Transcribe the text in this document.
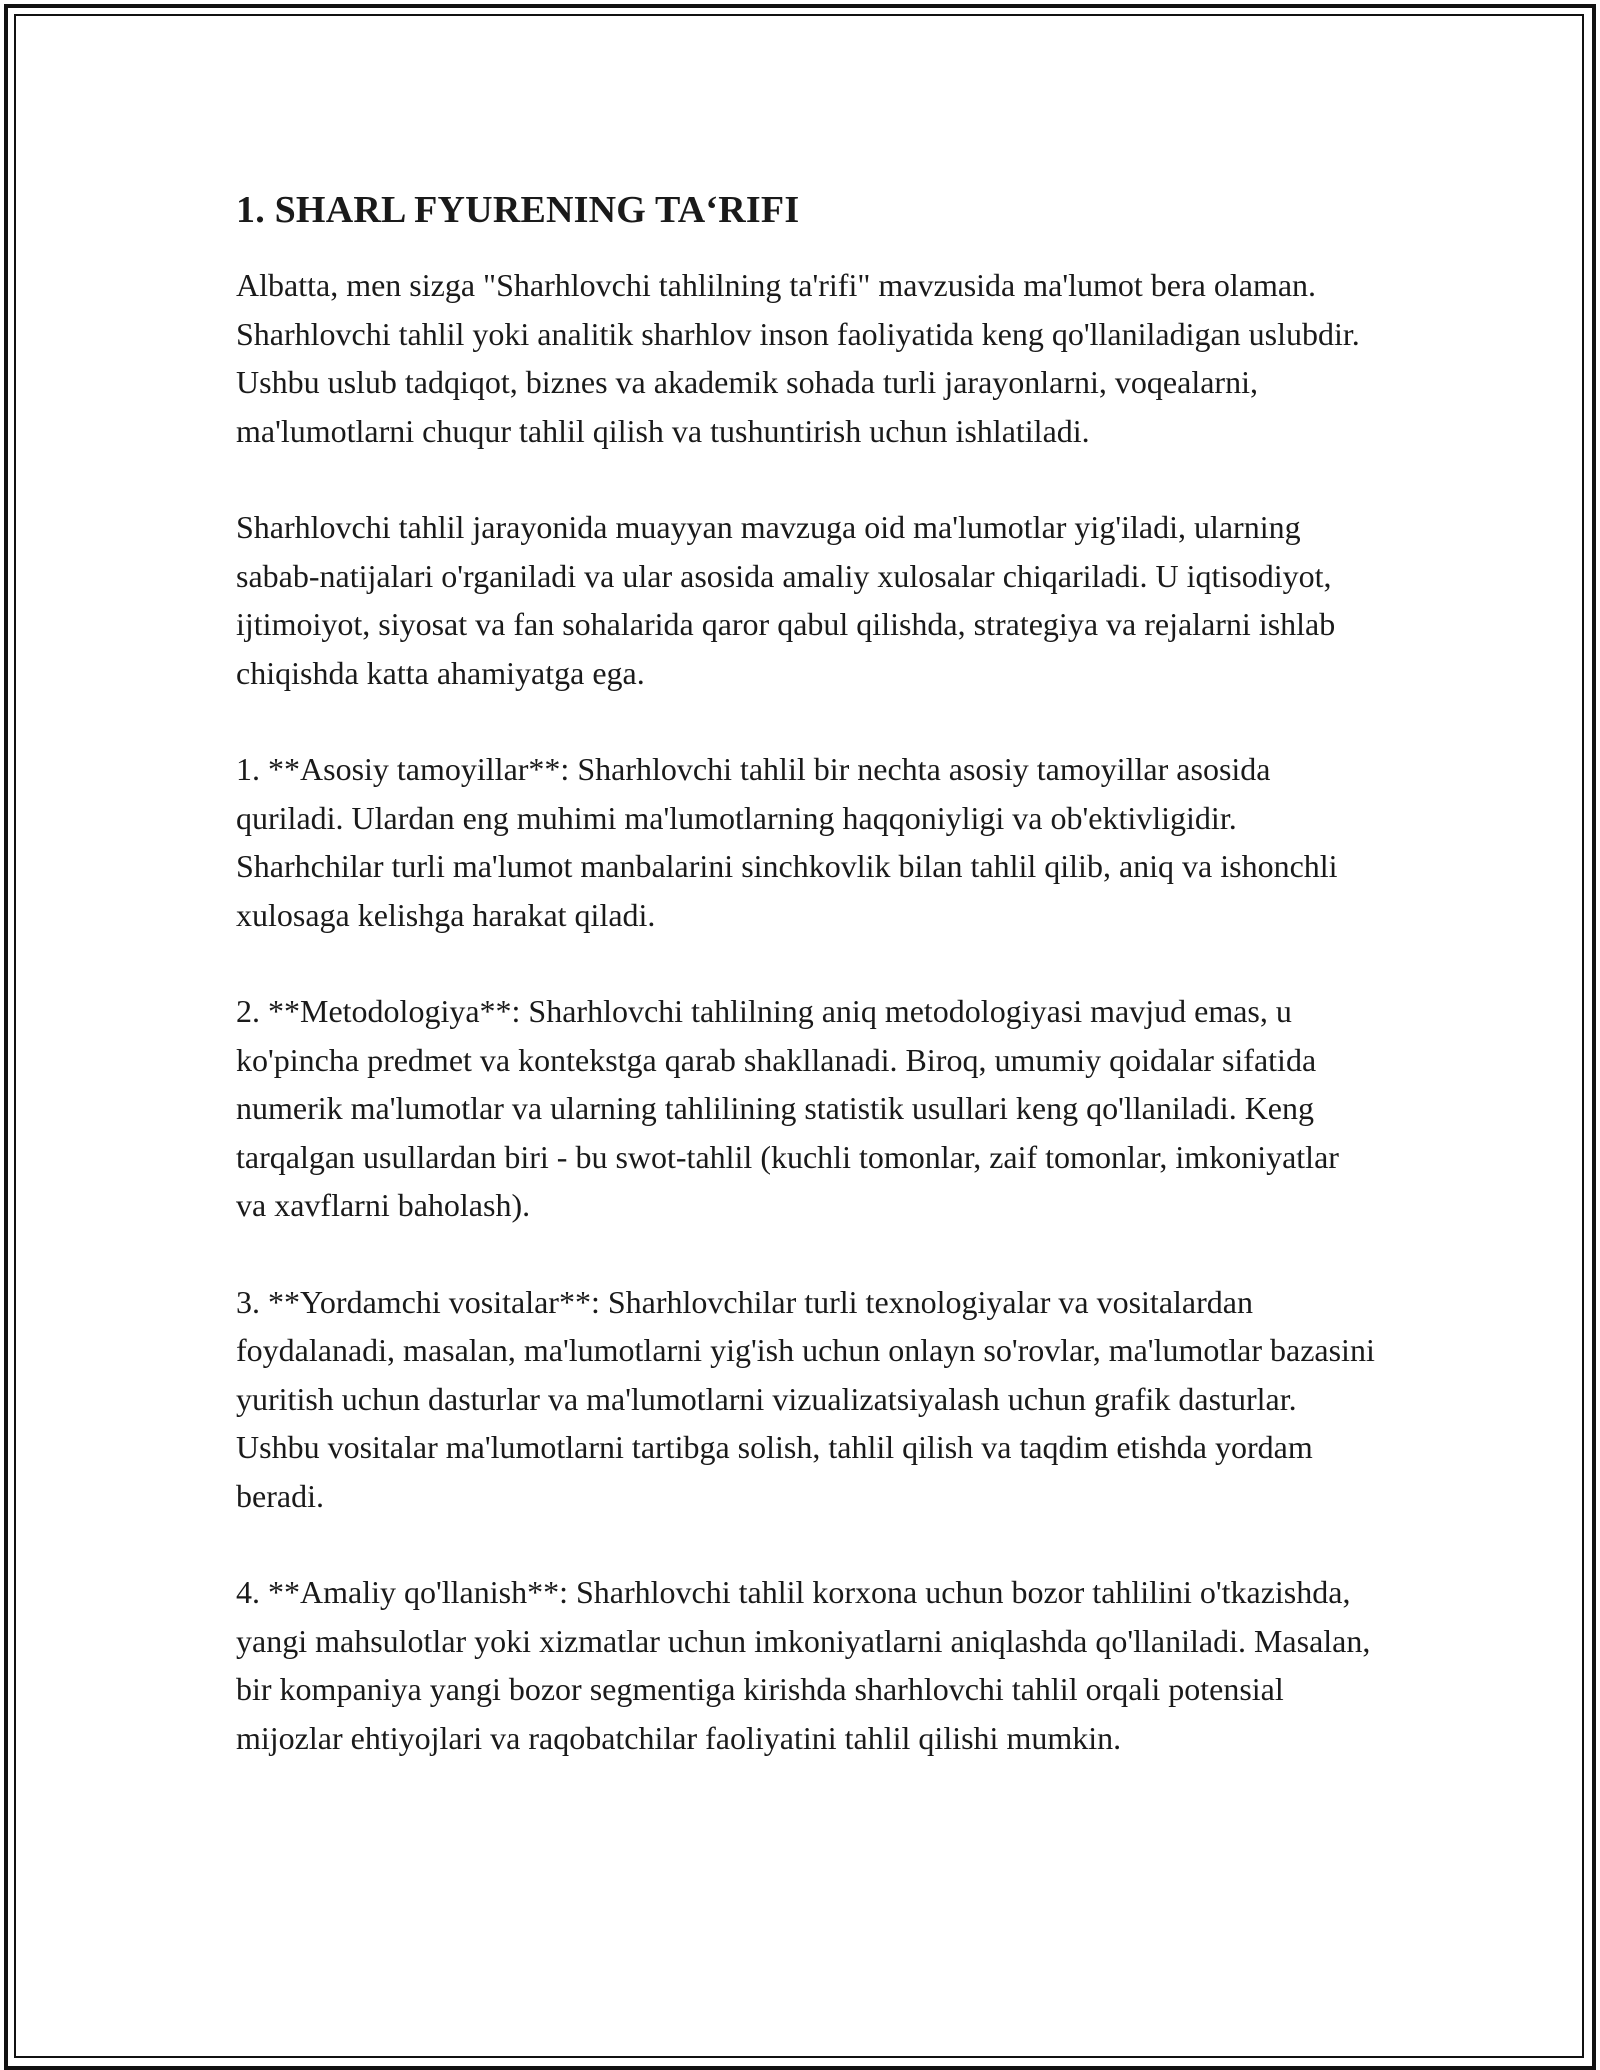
1. SHARL FYURENING TA‘RIFI

Albatta, men sizga "Sharhlovchi tahlilning ta'rifi" mavzusida ma'lumot bera olaman. Sharhlovchi tahlil yoki analitik sharhlov inson faoliyatida keng qo'llaniladigan uslubdir. Ushbu uslub tadqiqot, biznes va akademik sohada turli jarayonlarni, voqealarni, ma'lumotlarni chuqur tahlil qilish va tushuntirish uchun ishlatiladi.

Sharhlovchi tahlil jarayonida muayyan mavzuga oid ma'lumotlar yig'iladi, ularning sabab-natijalari o'rganiladi va ular asosida amaliy xulosalar chiqariladi. U iqtisodiyot, ijtimoiyot, siyosat va fan sohalarida qaror qabul qilishda, strategiya va rejalarni ishlab chiqishda katta ahamiyatga ega.

1. **Asosiy tamoyillar**: Sharhlovchi tahlil bir nechta asosiy tamoyillar asosida quriladi. Ulardan eng muhimi ma'lumotlarning haqqoniyligi va ob'ektivligidir. Sharhchilar turli ma'lumot manbalarini sinchkovlik bilan tahlil qilib, aniq va ishonchli xulosaga kelishga harakat qiladi.

2. **Metodologiya**: Sharhlovchi tahlilning aniq metodologiyasi mavjud emas, u ko'pincha predmet va kontekstga qarab shakllanadi. Biroq, umumiy qoidalar sifatida numerik ma'lumotlar va ularning tahlilining statistik usullari keng qo'llaniladi. Keng tarqalgan usullardan biri - bu swot-tahlil (kuchli tomonlar, zaif tomonlar, imkoniyatlar va xavflarni baholash).

3. **Yordamchi vositalar**: Sharhlovchilar turli texnologiyalar va vositalardan foydalanadi, masalan, ma'lumotlarni yig'ish uchun onlayn so'rovlar, ma'lumotlar bazasini yuritish uchun dasturlar va ma'lumotlarni vizualizatsiyalash uchun grafik dasturlar. Ushbu vositalar ma'lumotlarni tartibga solish, tahlil qilish va taqdim etishda yordam beradi.

4. **Amaliy qo'llanish**: Sharhlovchi tahlil korxona uchun bozor tahlilini o'tkazishda, yangi mahsulotlar yoki xizmatlar uchun imkoniyatlarni aniqlashda qo'llaniladi. Masalan, bir kompaniya yangi bozor segmentiga kirishda sharhlovchi tahlil orqali potensial mijozlar ehtiyojlari va raqobatchilar faoliyatini tahlil qilishi mumkin.
